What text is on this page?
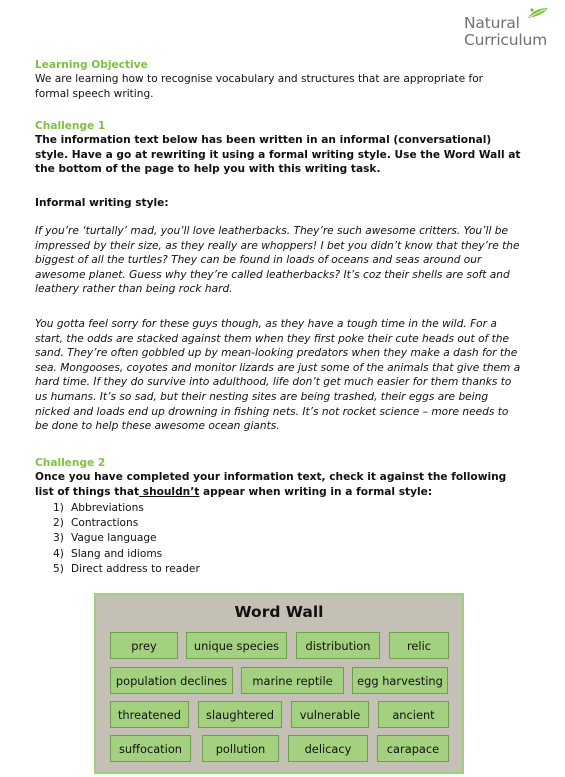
Natural
Curriculum
Learning Objective
We are learning how to recognise vocabulary and structures that are appropriate for formal speech writing.
Challenge 1
The information text below has been written in an informal (conversational) style. Have a go at rewriting it using a formal writing style. Use the Word Wall at the bottom of the page to help you with this writing task.
Informal writing style:
If you’re ‘turtally’ mad, you’ll love leatherbacks. They’re such awesome critters. You’ll be impressed by their size, as they really are whoppers! I bet you didn’t know that they’re the biggest of all the turtles? They can be found in loads of oceans and seas around our awesome planet. Guess why they’re called leatherbacks? It’s coz their shells are soft and leathery rather than being rock hard.
You gotta feel sorry for these guys though, as they have a tough time in the wild. For a start, the odds are stacked against them when they first poke their cute heads out of the sand. They’re often gobbled up by mean-looking predators when they make a dash for the sea. Mongooses, coyotes and monitor lizards are just some of the animals that give them a hard time. If they do survive into adulthood, life don’t get much easier for them thanks to us humans. It’s so sad, but their nesting sites are being trashed, their eggs are being nicked and loads end up drowning in fishing nets. It’s not rocket science – more needs to be done to help these awesome ocean giants.
Challenge 2
Once you have completed your information text, check it against the following list of things that shouldn’t appear when writing in a formal style:
1) Abbreviations
2) Contractions
3) Vague language
4) Slang and idioms
5) Direct address to reader
Word Wall
prey	unique species	distribution	relic
population declines	marine reptile	egg harvesting
threatened	slaughtered	vulnerable	ancient
suffocation	pollution	delicacy	carapace
